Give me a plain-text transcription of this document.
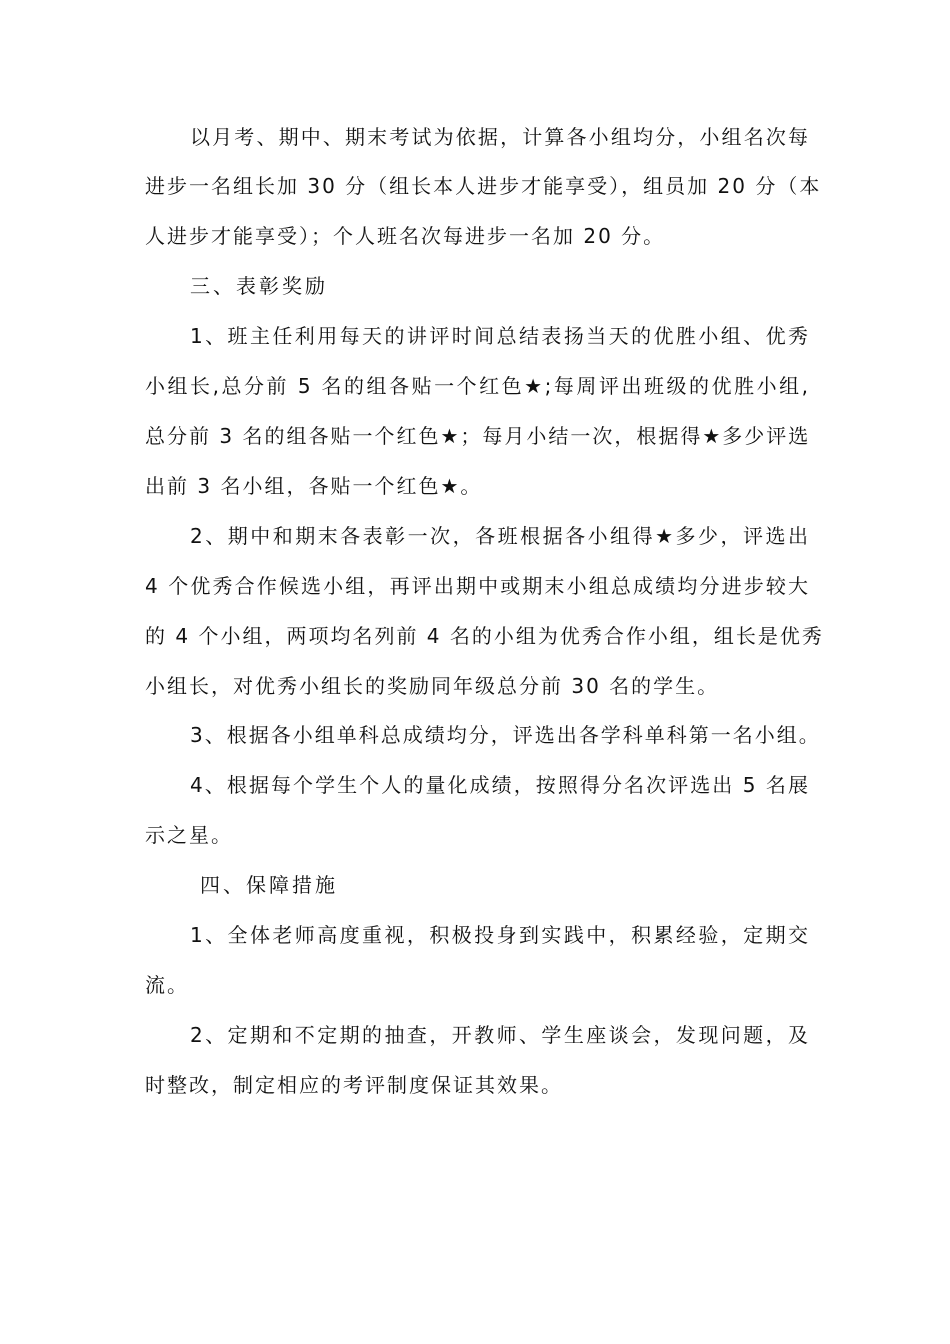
以月考、期中、期末考试为依据，计算各小组均分，小组名次每
进步一名组长加 30 分（组长本人进步才能享受），组员加 20 分（本
人进步才能享受）；个人班名次每进步一名加 20 分。
三、表彰奖励
1、班主任利用每天的讲评时间总结表扬当天的优胜小组、优秀
小组长,总分前 5 名的组各贴一个红色★;每周评出班级的优胜小组,
总分前 3 名的组各贴一个红色★；每月小结一次，根据得★多少评选
出前 3 名小组，各贴一个红色★。
2、期中和期末各表彰一次，各班根据各小组得★多少，评选出
4 个优秀合作候选小组，再评出期中或期末小组总成绩均分进步较大
的 4 个小组，两项均名列前 4 名的小组为优秀合作小组，组长是优秀
小组长，对优秀小组长的奖励同年级总分前 30 名的学生。
3、根据各小组单科总成绩均分，评选出各学科单科第一名小组。
4、根据每个学生个人的量化成绩，按照得分名次评选出 5 名展
示之星。
四、保障措施
1、全体老师高度重视，积极投身到实践中，积累经验，定期交
流。
2、定期和不定期的抽查，开教师、学生座谈会，发现问题，及
时整改，制定相应的考评制度保证其效果。
